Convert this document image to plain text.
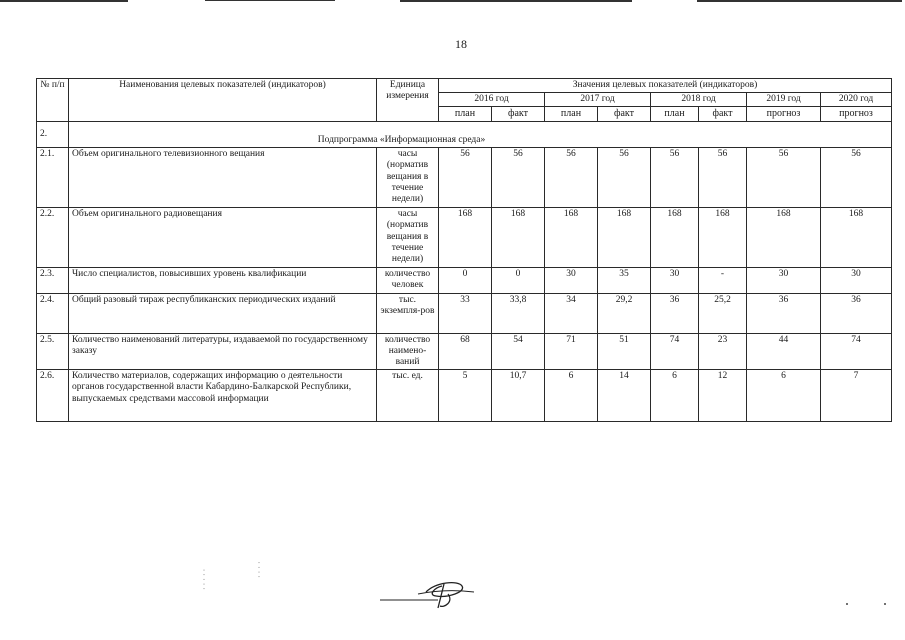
18
№ п/п	Наименования целевых показателей (индикаторов)	Единица измерения	Значения целевых показателей (индикаторов)							
			2016 год		2017 год		2018 год		2019 год	2020 год
			план	факт	план	факт	план	факт	прогноз	прогноз
2.	Подпрограмма «Информационная среда»									
2.1.	Объем оригинального телевизионного вещания	часы (норматив вещания в течение недели)	56	56	56	56	56	56	56	56
2.2.	Объем оригинального радиовещания	часы (норматив вещания в течение недели)	168	168	168	168	168	168	168	168
2.3.	Число специалистов, повысивших уровень квалификации	количество человек	0	0	30	35	30	-	30	30
2.4.	Общий разовый тираж республиканских периодических изданий	тыс. экземпля-ров	33	33,8	34	29,2	36	25,2	36	36
2.5.	Количество наименований литературы, издаваемой по государственному заказу	количество наимено-ваний	68	54	71	51	74	23	44	74
2.6.	Количество материалов, содержащих информацию о деятельности органов государственной власти Кабардино-Балкарской Республики, выпускаемых средствами массовой информации	тыс. ед.	5	10,7	6	14	6	12	6	7
· · · · ·	· · · ·
